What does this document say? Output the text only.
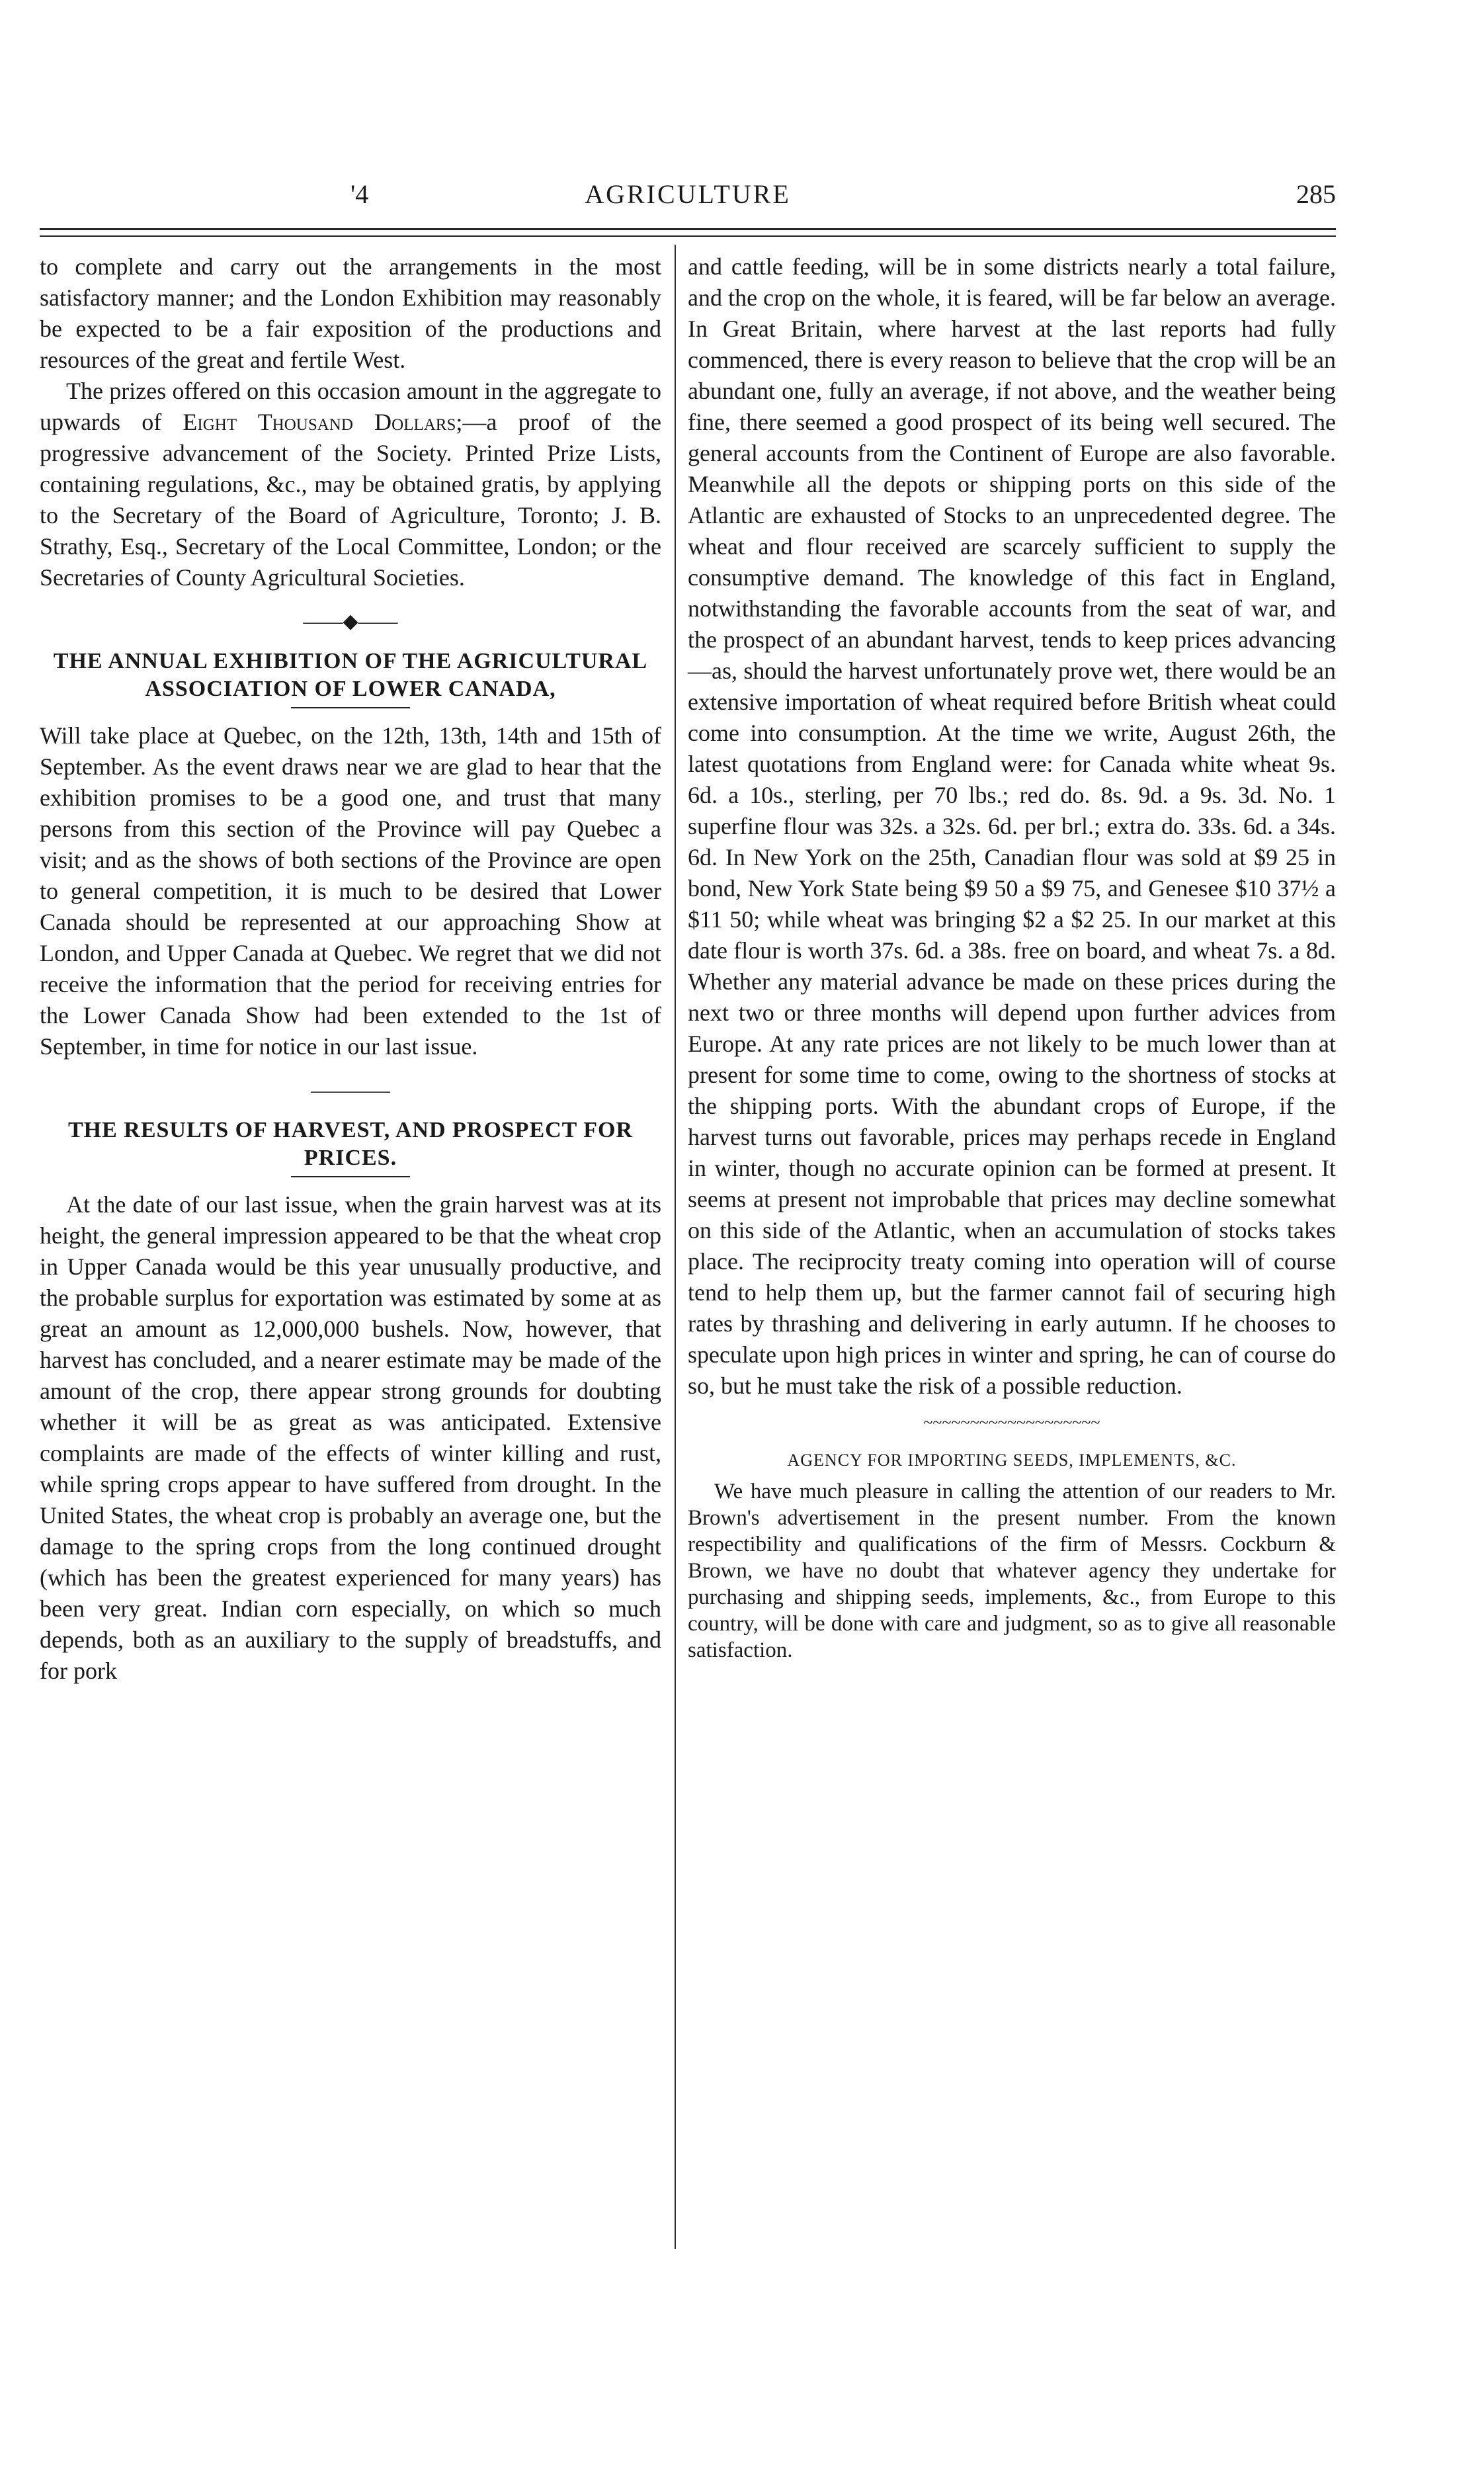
'4	AGRICULTURE	285

to complete and carry out the arrangements in the most satisfactory manner; and the London Exhibition may reasonably be expected to be a fair exposition of the productions and resources of the great and fertile West.

The prizes offered on this occasion amount in the aggregate to upwards of Eight Thousand Dollars;—a proof of the progressive advancement of the Society. Printed Prize Lists, containing regulations, &c., may be obtained gratis, by applying to the Secretary of the Board of Agriculture, Toronto; J. B. Strathy, Esq., Secretary of the Local Committee, London; or the Secretaries of County Agricultural Societies.

——◆——
THE ANNUAL EXHIBITION OF THE AGRICULTURAL ASSOCIATION OF LOWER CANADA,

Will take place at Quebec, on the 12th, 13th, 14th and 15th of September. As the event draws near we are glad to hear that the exhibition promises to be a good one, and trust that many persons from this section of the Province will pay Quebec a visit; and as the shows of both sections of the Province are open to general competition, it is much to be desired that Lower Canada should be represented at our approaching Show at London, and Upper Canada at Quebec. We regret that we did not receive the information that the period for receiving entries for the Lower Canada Show had been extended to the 1st of September, in time for notice in our last issue.

————
THE RESULTS OF HARVEST, AND PROSPECT FOR PRICES.

At the date of our last issue, when the grain harvest was at its height, the general impression appeared to be that the wheat crop in Upper Canada would be this year unusually productive, and the probable surplus for exportation was estimated by some at as great an amount as 12,000,000 bushels. Now, however, that harvest has concluded, and a nearer estimate may be made of the amount of the crop, there appear strong grounds for doubting whether it will be as great as was anticipated. Extensive complaints are made of the effects of winter killing and rust, while spring crops appear to have suffered from drought. In the United States, the wheat crop is probably an average one, but the damage to the spring crops from the long continued drought (which has been the greatest experienced for many years) has been very great. Indian corn especially, on which so much depends, both as an auxiliary to the supply of breadstuffs, and for pork

and cattle feeding, will be in some districts nearly a total failure, and the crop on the whole, it is feared, will be far below an average. In Great Britain, where harvest at the last reports had fully commenced, there is every reason to believe that the crop will be an abundant one, fully an average, if not above, and the weather being fine, there seemed a good prospect of its being well secured. The general accounts from the Continent of Europe are also favorable. Meanwhile all the depots or shipping ports on this side of the Atlantic are exhausted of Stocks to an unprecedented degree. The wheat and flour received are scarcely sufficient to supply the consumptive demand. The knowledge of this fact in England, notwithstanding the favorable accounts from the seat of war, and the prospect of an abundant harvest, tends to keep prices advancing—as, should the harvest unfortunately prove wet, there would be an extensive importation of wheat required before British wheat could come into consumption. At the time we write, August 26th, the latest quotations from England were: for Canada white wheat 9s. 6d. a 10s., sterling, per 70 lbs.; red do. 8s. 9d. a 9s. 3d. No. 1 superfine flour was 32s. a 32s. 6d. per brl.; extra do. 33s. 6d. a 34s. 6d. In New York on the 25th, Canadian flour was sold at $9 25 in bond, New York State being $9 50 a $9 75, and Genesee $10 37½ a $11 50; while wheat was bringing $2 a $2 25. In our market at this date flour is worth 37s. 6d. a 38s. free on board, and wheat 7s. a 8d. Whether any material advance be made on these prices during the next two or three months will depend upon further advices from Europe. At any rate prices are not likely to be much lower than at present for some time to come, owing to the shortness of stocks at the shipping ports. With the abundant crops of Europe, if the harvest turns out favorable, prices may perhaps recede in England in winter, though no accurate opinion can be formed at present. It seems at present not improbable that prices may decline somewhat on this side of the Atlantic, when an accumulation of stocks takes place. The reciprocity treaty coming into operation will of course tend to help them up, but the farmer cannot fail of securing high rates by thrashing and delivering in early autumn. If he chooses to speculate upon high prices in winter and spring, he can of course do so, but he must take the risk of a possible reduction.

~~~~~~~~~~~~~~~~~~~
AGENCY FOR IMPORTING SEEDS, IMPLEMENTS, &C.

We have much pleasure in calling the attention of our readers to Mr. Brown's advertisement in the present number. From the known respectibility and qualifications of the firm of Messrs. Cockburn & Brown, we have no doubt that whatever agency they undertake for purchasing and shipping seeds, implements, &c., from Europe to this country, will be done with care and judgment, so as to give all reasonable satisfaction.
